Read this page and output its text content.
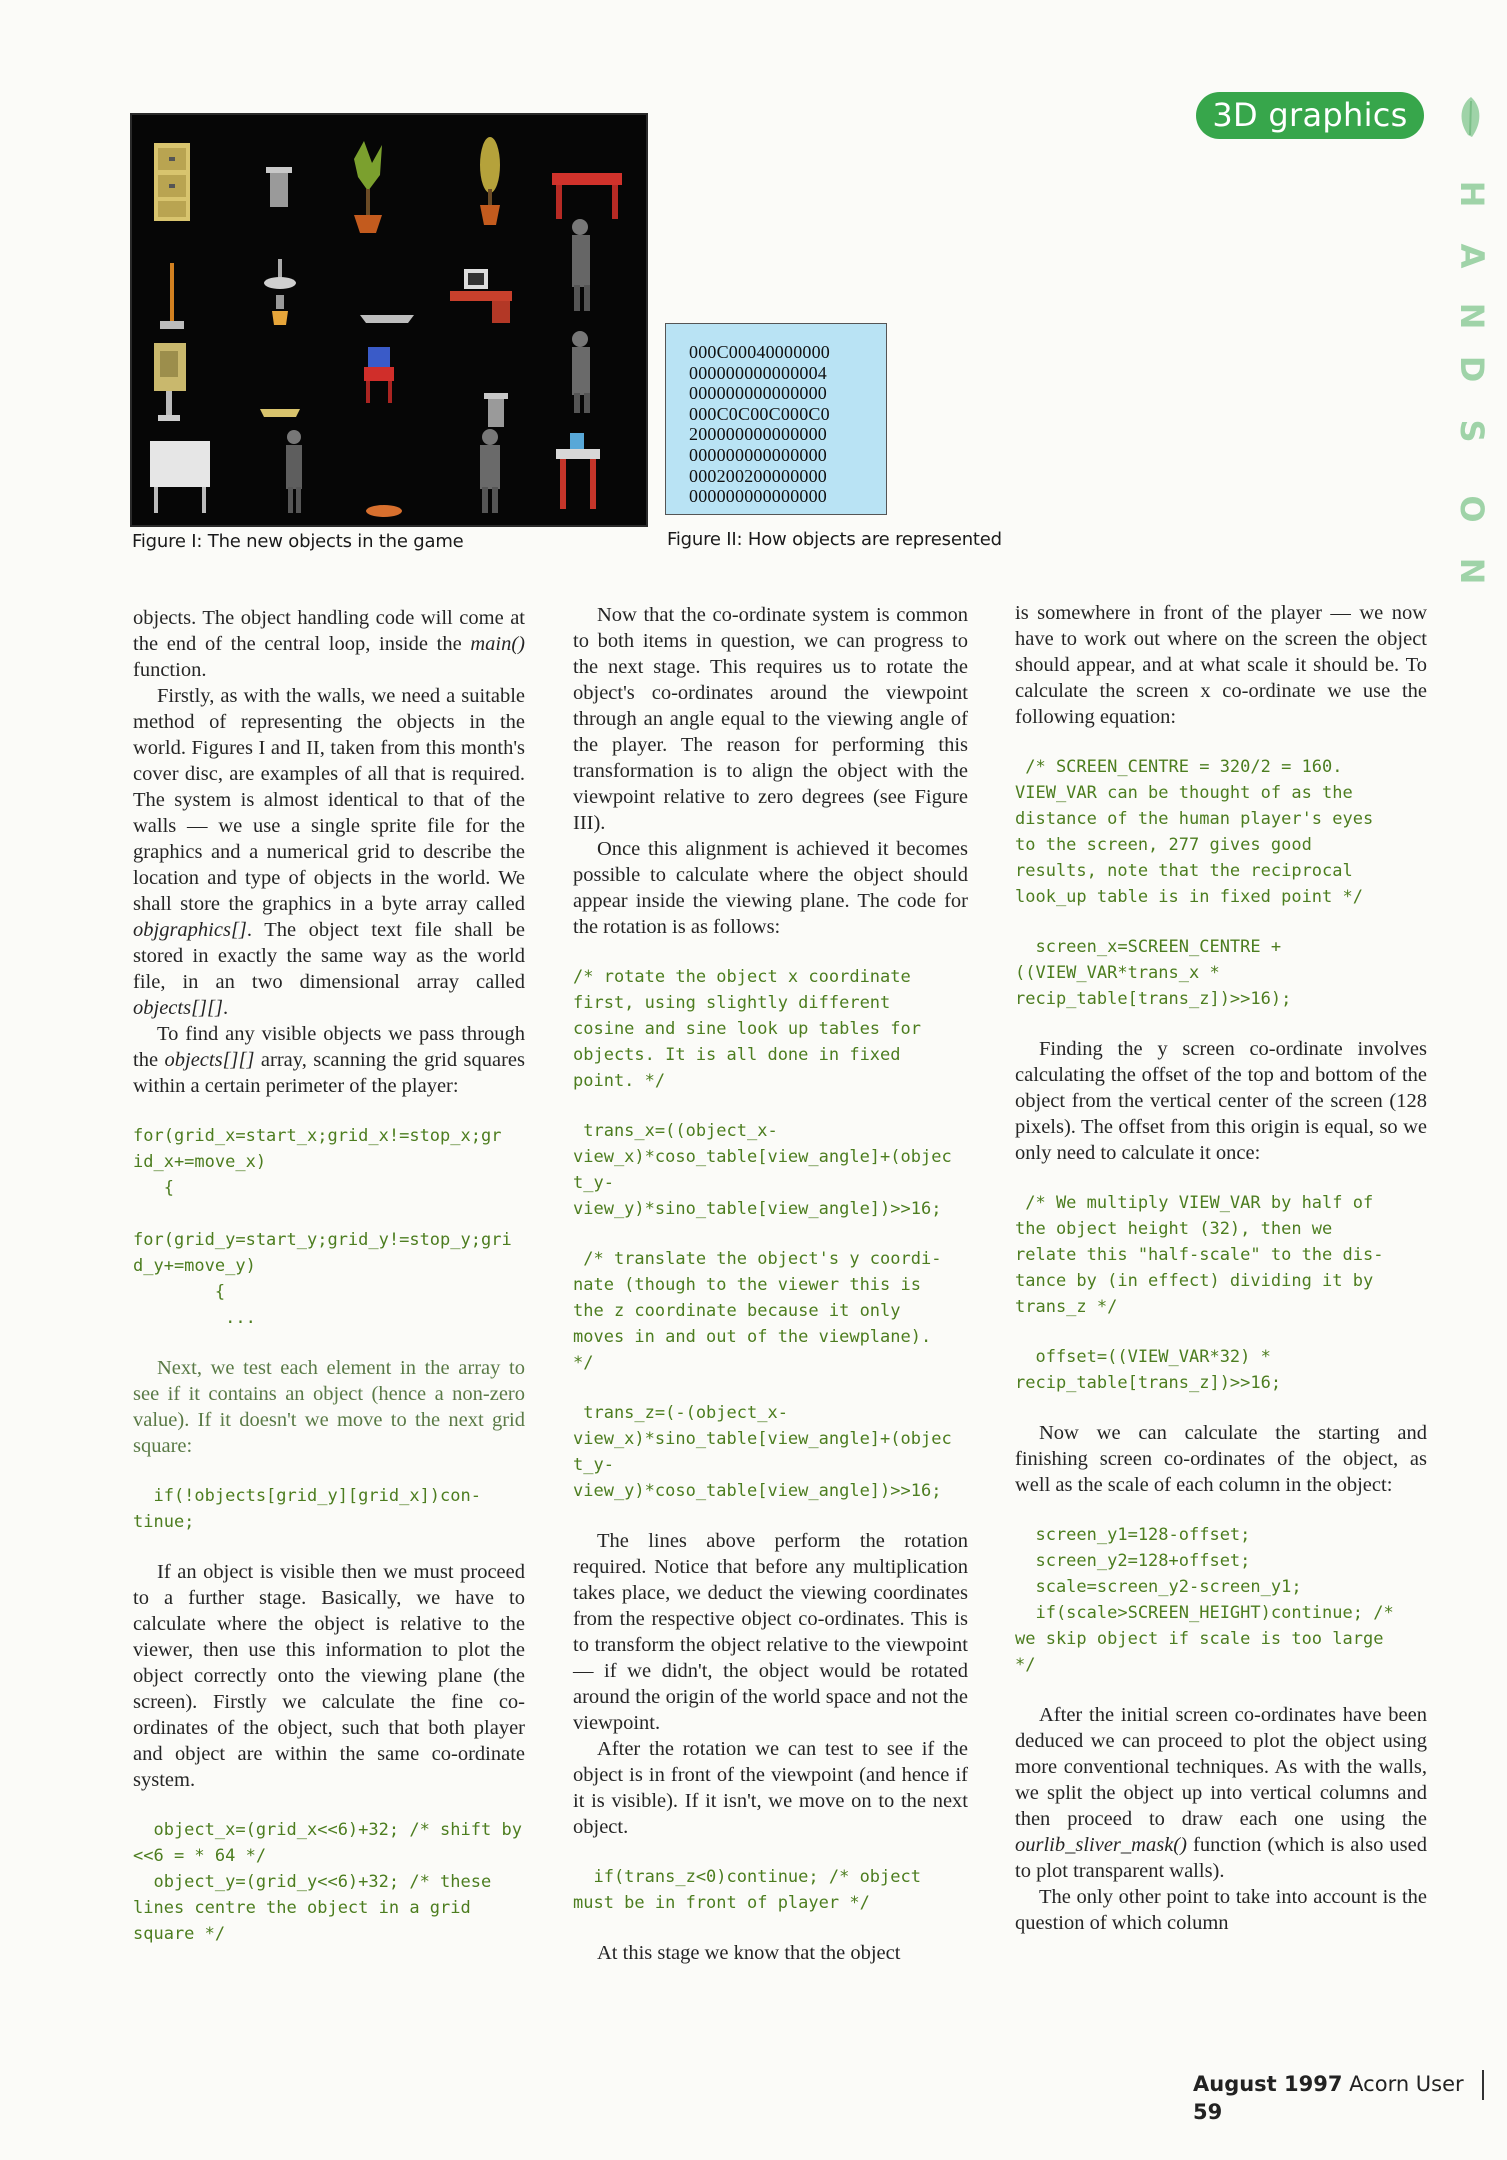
3D graphics
H
A
N
D
S
O
N
Figure I: The new objects in the game
000C00040000000
000000000000004
000000000000000
000C0C00C000C0
200000000000000
000000000000000
000200200000000
000000000000000
Figure II: How objects are represented

objects. The object handling code will come at the end of the central loop, inside the main() function.

Firstly, as with the walls, we need a suitable method of representing the objects in the world. Figures I and II, taken from this month's cover disc, are examples of all that is required. The system is almost identical to that of the walls — we use a single sprite file for the graphics and a numerical grid to describe the location and type of objects in the world. We shall store the graphics in a byte array called objgraphics[]. The object text file shall be stored in exactly the same way as the world file, in an two dimensional array called objects[][].

To find any visible objects we pass through the objects[][] array, scanning the grid squares within a certain perimeter of the player:

for(grid_x=start_x;grid_x!=stop_x;gr
id_x+=move_x)
{

for(grid_y=start_y;grid_y!=stop_y;gri
d_y+=move_y)
{
...

Next, we test each element in the array to see if it contains an object (hence a non-zero value). If it doesn't we move to the next grid square:

if(!objects[grid_y][grid_x])con-
tinue;

If an object is visible then we must proceed to a further stage. Basically, we have to calculate where the object is relative to the viewer, then use this information to plot the object correctly onto the viewing plane (the screen). Firstly we calculate the fine co-ordinates of the object, such that both player and object are within the same co-ordinate system.

object_x=(grid_x<<6)+32; /* shift by
<<6 = * 64 */
object_y=(grid_y<<6)+32; /* these
lines centre the object in a grid
square */

Now that the co-ordinate system is common to both items in question, we can progress to the next stage. This requires us to rotate the object's co-ordinates around the viewpoint through an angle equal to the viewing angle of the player. The reason for performing this transformation is to align the object with the viewpoint relative to zero degrees (see Figure III).

Once this alignment is achieved it becomes possible to calculate where the object should appear inside the viewing plane. The code for the rotation is as follows:

/* rotate the object x coordinate
first, using slightly different
cosine and sine look up tables for
objects. It is all done in fixed
point. */
trans_x=((object_x-
view_x)*coso_table[view_angle]+(objec
t_y-
view_y)*sino_table[view_angle])>>16;
/* translate the object's y coordi-
nate (though to the viewer this is
the z coordinate because it only
moves in and out of the viewplane).
*/
trans_z=(-(object_x-
view_x)*sino_table[view_angle]+(objec
t_y-
view_y)*coso_table[view_angle])>>16;

The lines above perform the rotation required. Notice that before any multiplication takes place, we deduct the viewing coordinates from the respective object co-ordinates. This is to transform the object relative to the viewpoint — if we didn't, the object would be rotated around the origin of the world space and not the viewpoint.

After the rotation we can test to see if the object is in front of the viewpoint (and hence if it is visible). If it isn't, we move on to the next object.

if(trans_z<0)continue; /* object
must be in front of player */

At this stage we know that the object

is somewhere in front of the player — we now have to work out where on the screen the object should appear, and at what scale it should be. To calculate the screen x co-ordinate we use the following equation:

/* SCREEN_CENTRE = 320/2 = 160.
VIEW_VAR can be thought of as the
distance of the human player's eyes
to the screen, 277 gives good
results, note that the reciprocal
look_up table is in fixed point */
screen_x=SCREEN_CENTRE +
((VIEW_VAR*trans_x *
recip_table[trans_z])>>16);

Finding the y screen co-ordinate involves calculating the offset of the top and bottom of the object from the vertical center of the screen (128 pixels). The offset from this origin is equal, so we only need to calculate it once:

/* We multiply VIEW_VAR by half of
the object height (32), then we
relate this "half-scale" to the dis-
tance by (in effect) dividing it by
trans_z */
offset=((VIEW_VAR*32) *
recip_table[trans_z])>>16;

Now we can calculate the starting and finishing screen co-ordinates of the object, as well as the scale of each column in the object:

screen_y1=128-offset;
screen_y2=128+offset;
scale=screen_y2-screen_y1;
if(scale>SCREEN_HEIGHT)continue; /*
we skip object if scale is too large
*/

After the initial screen co-ordinates have been deduced we can proceed to plot the object using more conventional techniques. As with the walls, we split the object up into vertical columns and then proceed to draw each one using the ourlib_sliver_mask() function (which is also used to plot transparent walls).

The only other point to take into account is the question of which column

August 1997 Acorn User  59
